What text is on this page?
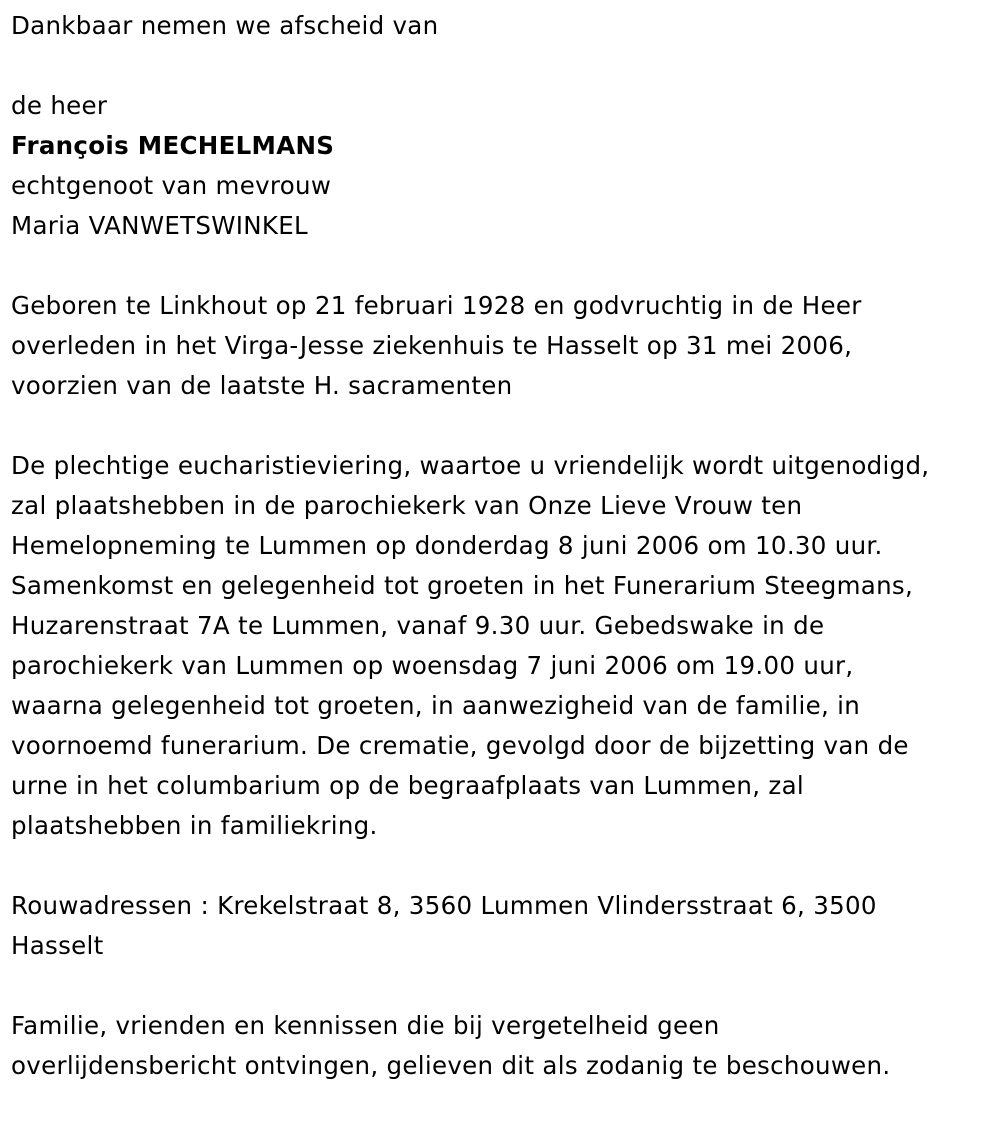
Dankbaar nemen we afscheid van
de heer
François MECHELMANS
echtgenoot van mevrouw
Maria VANWETSWINKEL
Geboren te Linkhout op 21 februari 1928 en godvruchtig in de Heer
overleden in het Virga-Jesse ziekenhuis te Hasselt op 31 mei 2006,
voorzien van de laatste H. sacramenten
De plechtige eucharistieviering, waartoe u vriendelijk wordt uitgenodigd,
zal plaatshebben in de parochiekerk van Onze Lieve Vrouw ten
Hemelopneming te Lummen op donderdag 8 juni 2006 om 10.30 uur.
Samenkomst en gelegenheid tot groeten in het Funerarium Steegmans,
Huzarenstraat 7A te Lummen, vanaf 9.30 uur. Gebedswake in de
parochiekerk van Lummen op woensdag 7 juni 2006 om 19.00 uur,
waarna gelegenheid tot groeten, in aanwezigheid van de familie, in
voornoemd funerarium. De crematie, gevolgd door de bijzetting van de
urne in het columbarium op de begraafplaats van Lummen, zal
plaatshebben in familiekring.
Rouwadressen : Krekelstraat 8, 3560 Lummen Vlindersstraat 6, 3500
Hasselt
Familie, vrienden en kennissen die bij vergetelheid geen
overlijdensbericht ontvingen, gelieven dit als zodanig te beschouwen.
